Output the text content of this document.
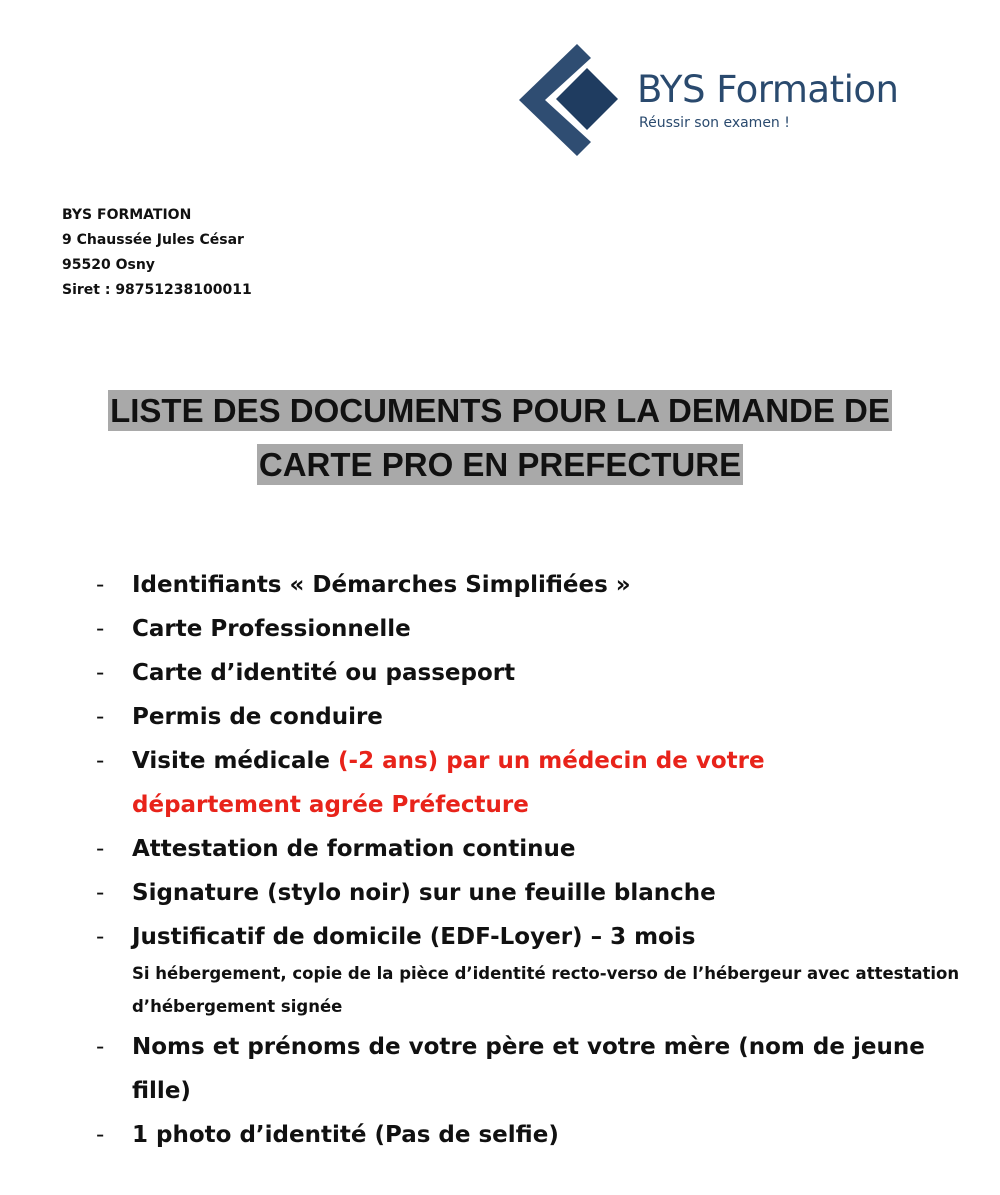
BYS Formation
Réussir son examen !
BYS FORMATION
9 Chaussée Jules César
95520 Osny
Siret : 98751238100011
LISTE DES DOCUMENTS POUR LA DEMANDE DE
CARTE PRO EN PREFECTURE
- Identifiants « Démarches Simplifiées »
- Carte Professionnelle
- Carte d’identité ou passeport
- Permis de conduire
- Visite médicale (-2 ans) par un médecin de votre
département agrée Préfecture
- Attestation de formation continue
- Signature (stylo noir) sur une feuille blanche
- Justificatif de domicile (EDF-Loyer) – 3 mois
Si hébergement, copie de la pièce d’identité recto-verso de l’hébergeur avec attestation d’hébergement signée
- Noms et prénoms de votre père et votre mère (nom de jeune fille)
- 1 photo d’identité (Pas de selfie)
